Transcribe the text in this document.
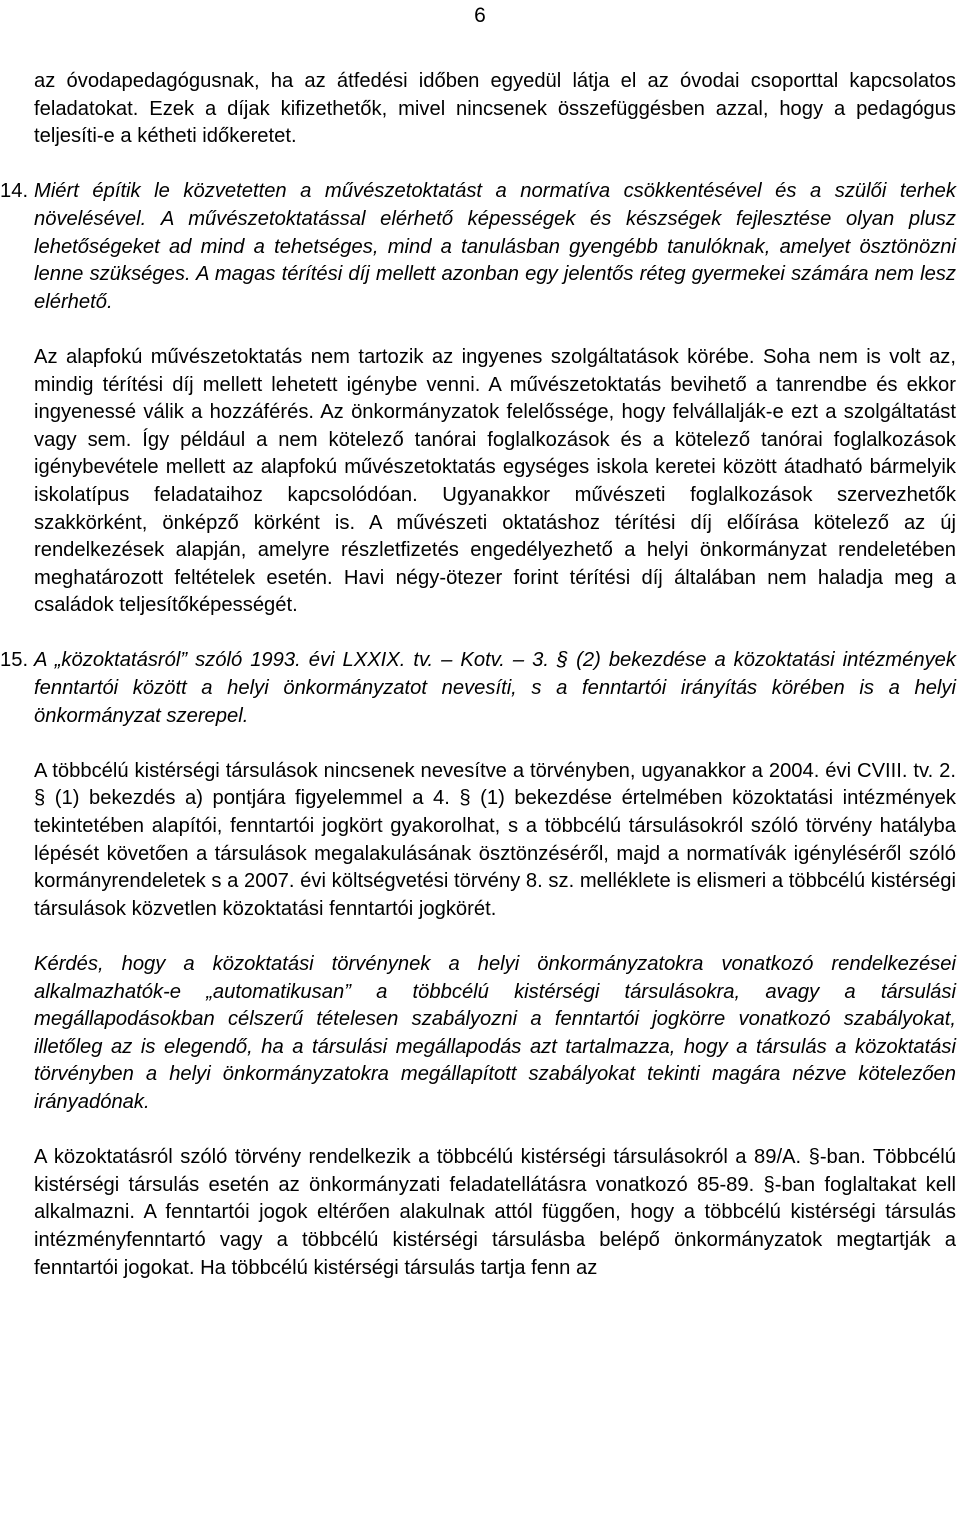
6

az óvodapedagógusnak, ha az átfedési időben egyedül látja el az óvodai csoporttal kapcsolatos feladatokat. Ezek a díjak kifizethetők, mivel nincsenek összefüggésben azzal, hogy a pedagógus teljesíti-e a kétheti időkeretet.

14. Miért építik le közvetetten a művészetoktatást a normatíva csökkentésével és a szülői terhek növelésével. A művészetoktatással elérhető képességek és készségek fejlesztése olyan plusz lehetőségeket ad mind a tehetséges, mind a tanulásban gyengébb tanulóknak, amelyet ösztönözni lenne szükséges. A magas térítési díj mellett azonban egy jelentős réteg gyermekei számára nem lesz elérhető.

Az alapfokú művészetoktatás nem tartozik az ingyenes szolgáltatások körébe. Soha nem is volt az, mindig térítési díj mellett lehetett igénybe venni. A művészetoktatás bevihető a tanrendbe és ekkor ingyenessé válik a hozzáférés. Az önkormányzatok felelőssége, hogy felvállalják-e ezt a szolgáltatást vagy sem. Így például a nem kötelező tanórai foglalkozások és a kötelező tanórai foglalkozások igénybevétele mellett az alapfokú művészetoktatás egységes iskola keretei között átadható bármelyik iskolatípus feladataihoz kapcsolódóan. Ugyanakkor művészeti foglalkozások szervezhetők szakkörként, önképző körként is. A művészeti oktatáshoz térítési díj előírása kötelező az új rendelkezések alapján, amelyre részletfizetés engedélyezhető a helyi önkormányzat rendeletében meghatározott feltételek esetén. Havi négy-ötezer forint térítési díj általában nem haladja meg a családok teljesítőképességét.

15. A „közoktatásról” szóló 1993. évi LXXIX. tv. – Kotv. – 3. § (2) bekezdése a közoktatási intézmények fenntartói között a helyi önkormányzatot nevesíti, s a fenntartói irányítás körében is a helyi önkormányzat szerepel.

A többcélú kistérségi társulások nincsenek nevesítve a törvényben, ugyanakkor a 2004. évi CVIII. tv. 2. § (1) bekezdés a) pontjára figyelemmel a 4. § (1) bekezdése értelmében közoktatási intézmények tekintetében alapítói, fenntartói jogkört gyakorolhat, s a többcélú társulásokról szóló törvény hatályba lépését követően a társulások megalakulásának ösztönzéséről, majd a normatívák igényléséről szóló kormányrendeletek s a 2007. évi költségvetési törvény 8. sz. melléklete is elismeri a többcélú kistérségi társulások közvetlen közoktatási fenntartói jogkörét.

Kérdés, hogy a közoktatási törvénynek a helyi önkormányzatokra vonatkozó rendelkezései alkalmazhatók-e „automatikusan” a többcélú kistérségi társulásokra, avagy a társulási megállapodásokban célszerű tételesen szabályozni a fenntartói jogkörre vonatkozó szabályokat, illetőleg az is elegendő, ha a társulási megállapodás azt tartalmazza, hogy a társulás a közoktatási törvényben a helyi önkormányzatokra megállapított szabályokat tekinti magára nézve kötelezően irányadónak.

A közoktatásról szóló törvény rendelkezik a többcélú kistérségi társulásokról a 89/A. §-ban. Többcélú kistérségi társulás esetén az önkormányzati feladatellátásra vonatkozó 85-89. §-ban foglaltakat kell alkalmazni. A fenntartói jogok eltérően alakulnak attól függően, hogy a többcélú kistérségi társulás intézményfenntartó vagy a többcélú kistérségi társulásba belépő önkormányzatok megtartják a fenntartói jogokat. Ha többcélú kistérségi társulás tartja fenn az
